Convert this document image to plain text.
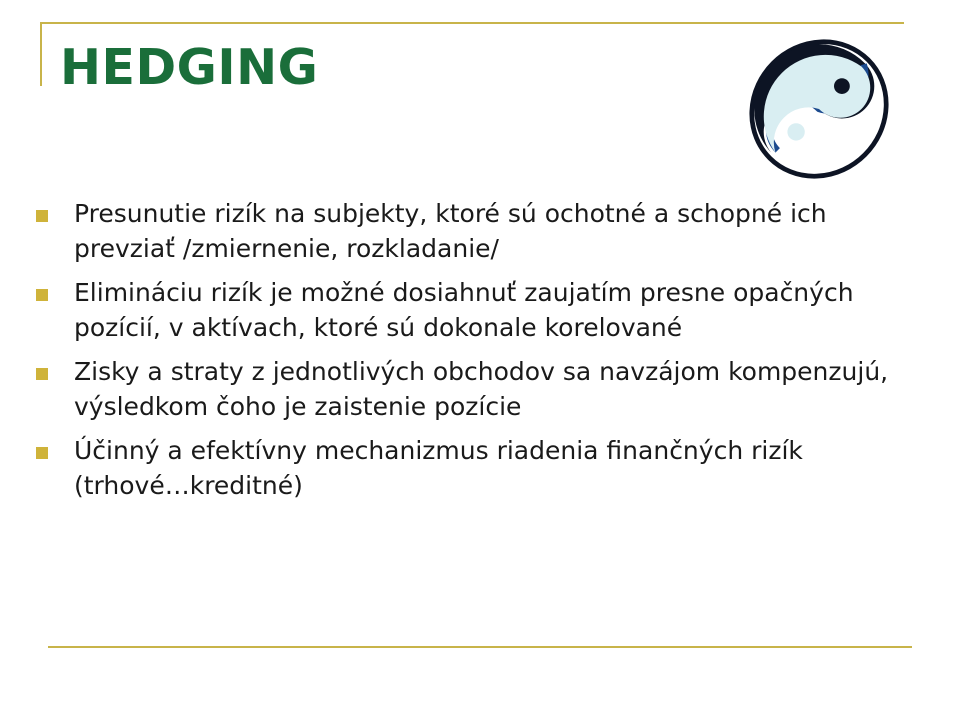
HEDGING
Presunutie rizík na subjekty, ktoré sú ochotné a schopné ich prevziať /zmiernenie, rozkladanie/
Elimináciu rizík je možné dosiahnuť zaujatím presne opačných pozícií, v aktívach, ktoré sú dokonale korelované
Zisky a straty z jednotlivých obchodov sa navzájom kompenzujú, výsledkom čoho je zaistenie pozície
Účinný a efektívny mechanizmus riadenia finančných rizík (trhové…kreditné)
